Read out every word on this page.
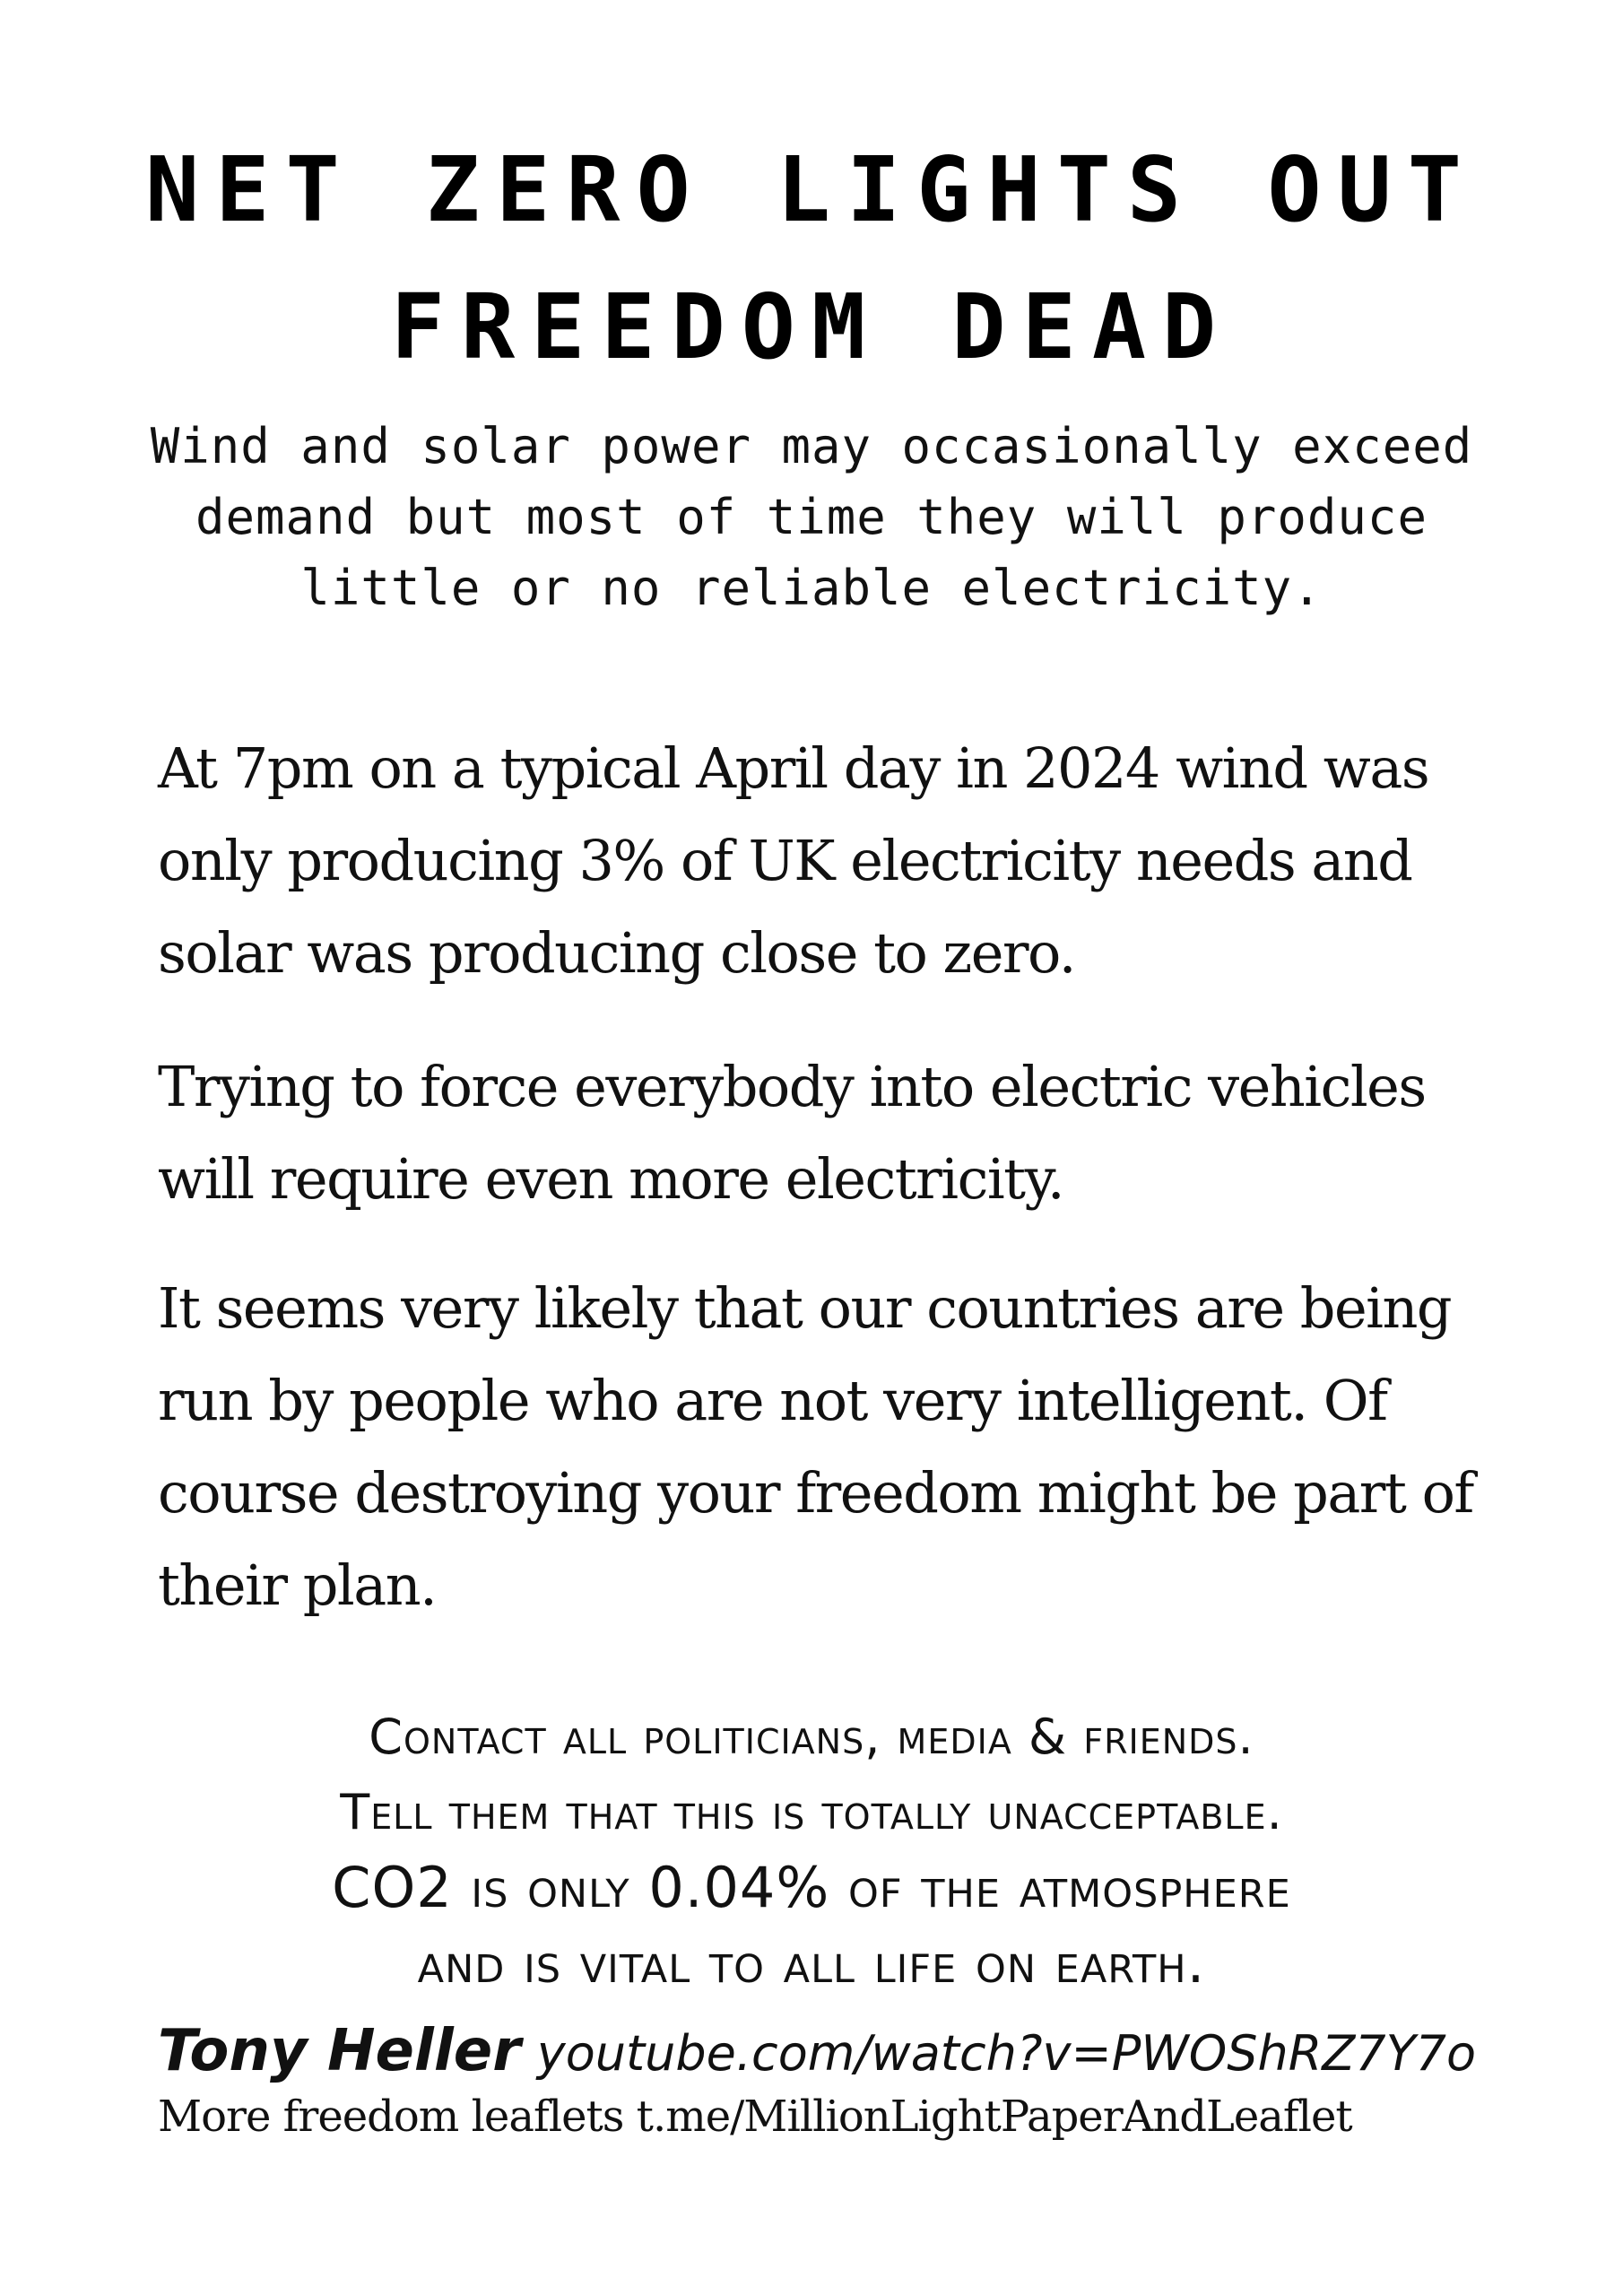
NET ZERO LIGHTS OUT
FREEDOM DEAD

Wind and solar power may occasionally exceed demand but most of time they will produce little or no reliable electricity.

At 7pm on a typical April day in 2024 wind was only producing 3% of UK electricity needs and solar was producing close to zero.

Trying to force everybody into electric vehicles will require even more electricity.

It seems very likely that our countries are being run by people who are not very intelligent. Of course destroying your freedom might be part of their plan.

Contact all politicians, media & friends.
Tell them that this is totally unacceptable.
CO2 is only 0.04% of the atmosphere
and is vital to all life on earth.
Tony Heller youtube.com/watch?v=PWOShRZ7Y7o
More freedom leaflets t.me/MillionLightPaperAndLeaflet
